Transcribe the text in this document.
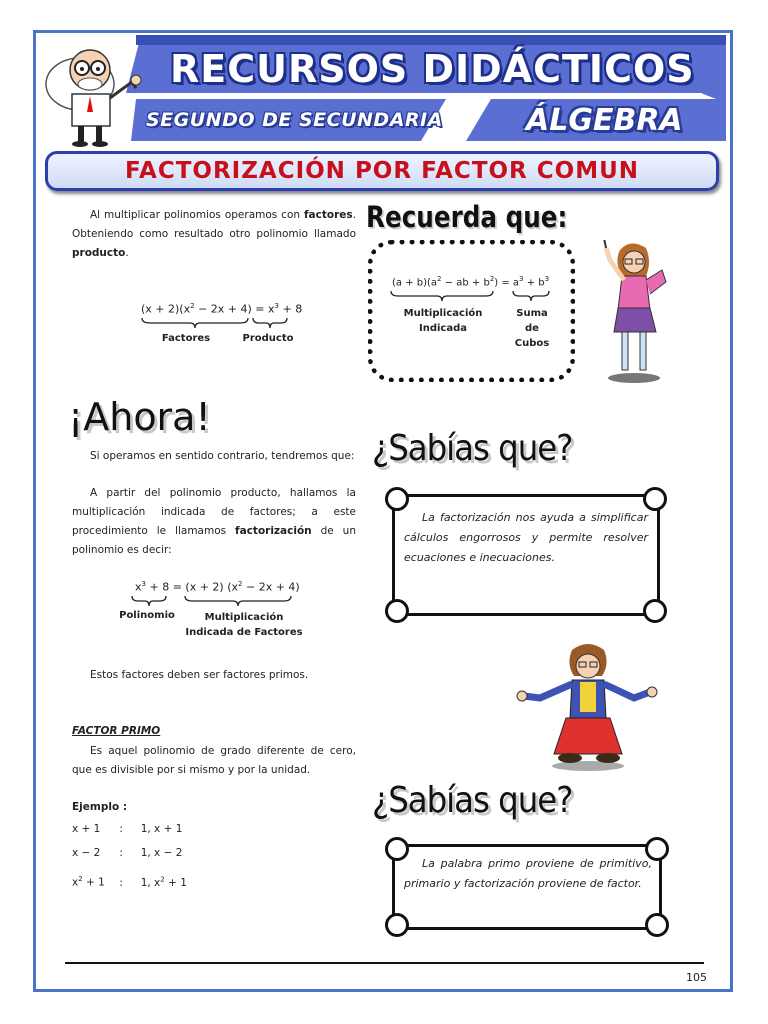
RECURSOS DIDÁCTICOS
SEGUNDO DE SECUNDARIA	ÁLGEBRA
FACTORIZACIÓN POR FACTOR COMUN
Al multiplicar polinomios operamos con factores. Obteniendo como resultado otro polinomio llamado producto.
$(x + 2)(x^2 - 2x + 4) = x^3 + 8$
Factores	Producto
Recuerda que:
$(a + b)(a^2$ − ab + $b^2) = a^3 + b^3$
Multiplicación
Indicada
Suma
de
Cubos
¡Ahora!
Si operamos en sentido contrario, tendremos que:
A partir del polinomio producto, hallamos la multiplicación indicada de factores; a este procedimiento le llamamos factorización de un polinomio es decir:
$x^3 + 8 = (x + 2) (x^2 - 2x + 4)$
Polinomio	Multiplicación
Indicada de Factores
Estos factores deben ser factores primos.
FACTOR PRIMO
Es aquel polinomio de grado diferente de cero, que es divisible por si mismo y por la unidad.
Ejemplo :
x + 1 : 1, x + 1
x − 2 : 1, x − 2
$x^2 + 1$ : 1, $x^2 + 1$
¿Sabías que?
La factorización nos ayuda a simplificar cálculos engorrosos y permite resolver ecuaciones e inecuaciones.
¿Sabías que?
La palabra primo proviene de primitivo, primario y factorización proviene de factor.
105
